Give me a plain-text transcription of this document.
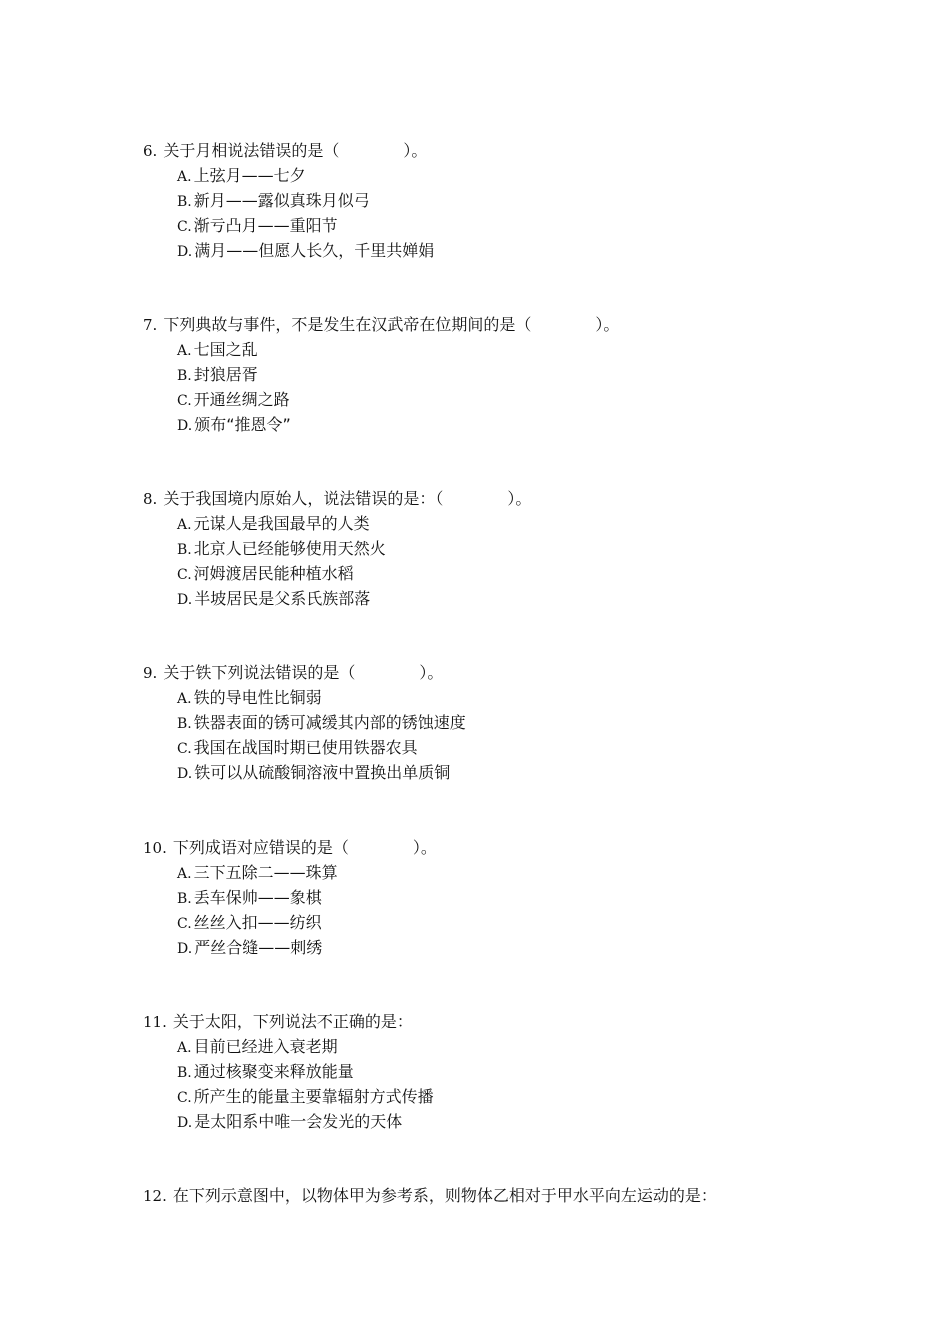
6. 关于月相说法错误的是（　　　　）。
A. 上弦月——七夕
B. 新月——露似真珠月似弓
C. 渐亏凸月——重阳节
D. 满月——但愿人长久，千里共婵娟
7. 下列典故与事件，不是发生在汉武帝在位期间的是（　　　　）。
A. 七国之乱
B. 封狼居胥
C. 开通丝绸之路
D. 颁布“推恩令”
8. 关于我国境内原始人，说法错误的是：（　　　　）。
A. 元谋人是我国最早的人类
B. 北京人已经能够使用天然火
C. 河姆渡居民能种植水稻
D. 半坡居民是父系氏族部落
9. 关于铁下列说法错误的是（　　　　）。
A. 铁的导电性比铜弱
B. 铁器表面的锈可减缓其内部的锈蚀速度
C. 我国在战国时期已使用铁器农具
D. 铁可以从硫酸铜溶液中置换出单质铜
10. 下列成语对应错误的是（　　　　）。
A. 三下五除二——珠算
B. 丢车保帅——象棋
C. 丝丝入扣——纺织
D. 严丝合缝——刺绣
11. 关于太阳，下列说法不正确的是：
A. 目前已经进入衰老期
B. 通过核聚变来释放能量
C. 所产生的能量主要靠辐射方式传播
D. 是太阳系中唯一会发光的天体
12. 在下列示意图中，以物体甲为参考系，则物体乙相对于甲水平向左运动的是：
